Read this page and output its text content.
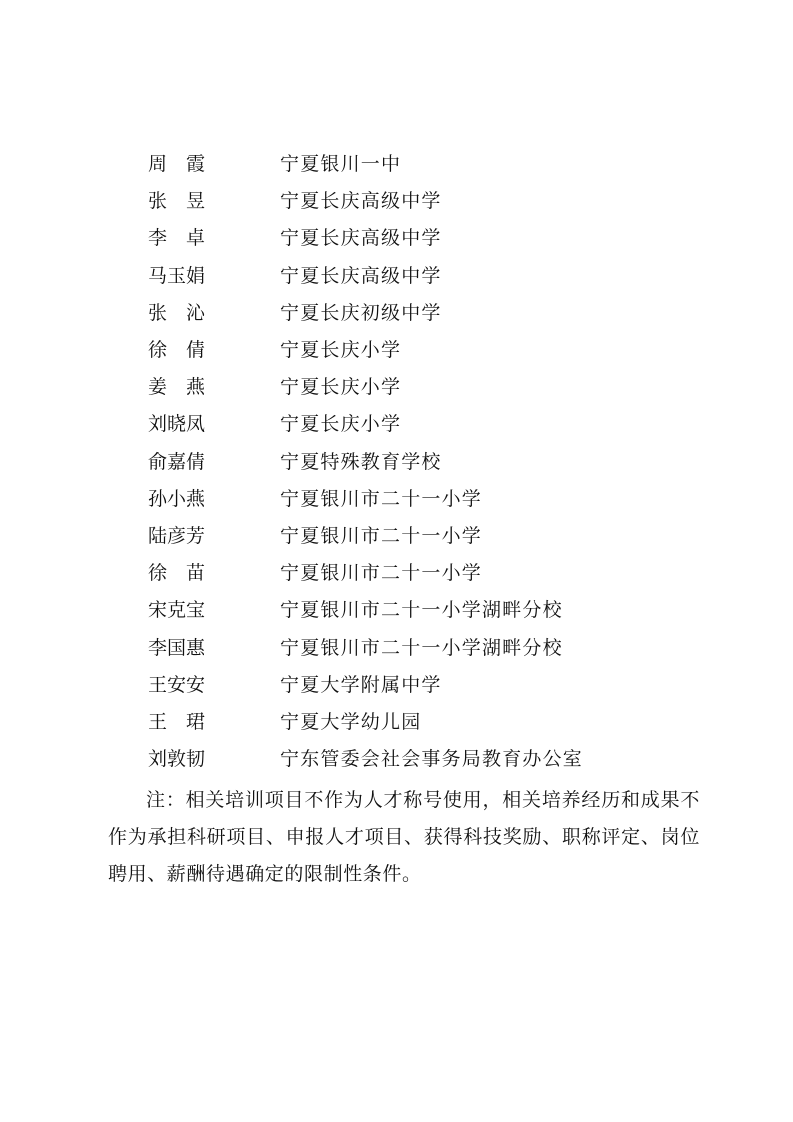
周　霞	宁夏银川一中
张　昱	宁夏长庆高级中学
李　卓	宁夏长庆高级中学
马玉娟	宁夏长庆高级中学
张　沁	宁夏长庆初级中学
徐　倩	宁夏长庆小学
姜　燕	宁夏长庆小学
刘晓凤	宁夏长庆小学
俞嘉倩	宁夏特殊教育学校
孙小燕	宁夏银川市二十一小学
陆彦芳	宁夏银川市二十一小学
徐　苗	宁夏银川市二十一小学
宋克宝	宁夏银川市二十一小学湖畔分校
李国惠	宁夏银川市二十一小学湖畔分校
王安安	宁夏大学附属中学
王　珺	宁夏大学幼儿园
刘敦韧	宁东管委会社会事务局教育办公室

注：相关培训项目不作为人才称号使用，相关培养经历和成果不作为承担科研项目、申报人才项目、获得科技奖励、职称评定、岗位聘用、薪酬待遇确定的限制性条件。
